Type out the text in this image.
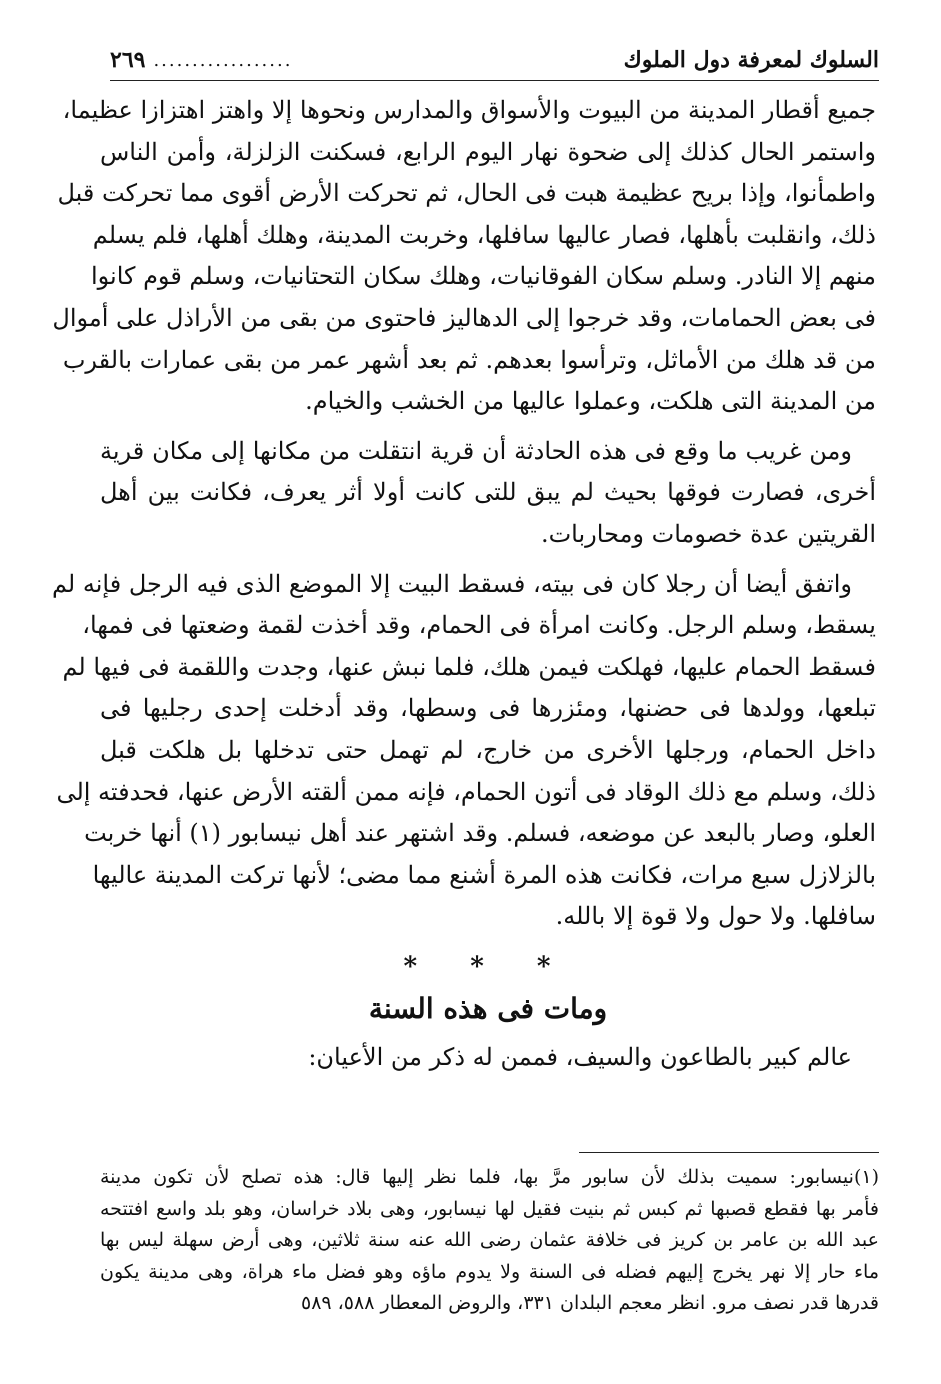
السلوك لمعرفة دول الملوك
..................
٢٦٩
جميع أقطار المدينة من البيوت والأسواق والمدارس ونحوها إلا واهتز اهتزازا عظيما،
واستمر الحال كذلك إلى ضحوة نهار اليوم الرابع، فسكنت الزلزلة، وأمن الناس
واطمأنوا، وإذا بريح عظيمة هبت فى الحال، ثم تحركت الأرض أقوى مما تحركت قبل
ذلك، وانقلبت بأهلها، فصار عاليها سافلها، وخربت المدينة، وهلك أهلها، فلم يسلم
منهم إلا النادر. وسلم سكان الفوقانيات، وهلك سكان التحتانيات، وسلم قوم كانوا
فى بعض الحمامات، وقد خرجوا إلى الدهاليز فاحتوى من بقى من الأراذل على أموال
من قد هلك من الأماثل، وترأسوا بعدهم. ثم بعد أشهر عمر من بقى عمارات بالقرب
من المدينة التى هلكت، وعملوا عاليها من الخشب والخيام.
ومن غريب ما وقع فى هذه الحادثة أن قرية انتقلت من مكانها إلى مكان قرية
أخرى، فصارت فوقها بحيث لم يبق للتى كانت أولا أثر يعرف، فكانت بين أهل
القريتين عدة خصومات ومحاربات.
واتفق أيضا أن رجلا كان فى بيته، فسقط البيت إلا الموضع الذى فيه الرجل فإنه لم
يسقط، وسلم الرجل. وكانت امرأة فى الحمام، وقد أخذت لقمة وضعتها فى فمها،
فسقط الحمام عليها، فهلكت فيمن هلك، فلما نبش عنها، وجدت واللقمة فى فيها لم
تبلعها، وولدها فى حضنها، ومئزرها فى وسطها، وقد أدخلت إحدى رجليها فى
داخل الحمام، ورجلها الأخرى من خارج، لم تهمل حتى تدخلها بل هلكت قبل
ذلك، وسلم مع ذلك الوقاد فى أتون الحمام، فإنه ممن ألقته الأرض عنها، فحدفته إلى
العلو، وصار بالبعد عن موضعه، فسلم. وقد اشتهر عند أهل نيسابور (١) أنها خربت
بالزلازل سبع مرات، فكانت هذه المرة أشنع مما مضى؛ لأنها تركت المدينة عاليها
سافلها. ولا حول ولا قوة إلا بالله.
* * *
ومات فى هذه السنة
عالم كبير بالطاعون والسيف، فممن له ذكر من الأعيان:
(١)نيسابور: سميت بذلك لأن سابور مرَّ بها، فلما نظر إليها قال: هذه تصلح لأن تكون مدينة
فأمر بها فقطع قصبها ثم كبس ثم بنيت فقيل لها نيسابور، وهى بلاد خراسان، وهو بلد واسع افتتحه
عبد الله بن عامر بن كريز فى خلافة عثمان رضى الله عنه سنة ثلاثين، وهى أرض سهلة ليس بها
ماء حار إلا نهر يخرج إليهم فضله فى السنة ولا يدوم ماؤه وهو فضل ماء هراة، وهى مدينة يكون
قدرها قدر نصف مرو. انظر معجم البلدان ٣٣١، والروض المعطار ٥٨٨، ٥٨٩
